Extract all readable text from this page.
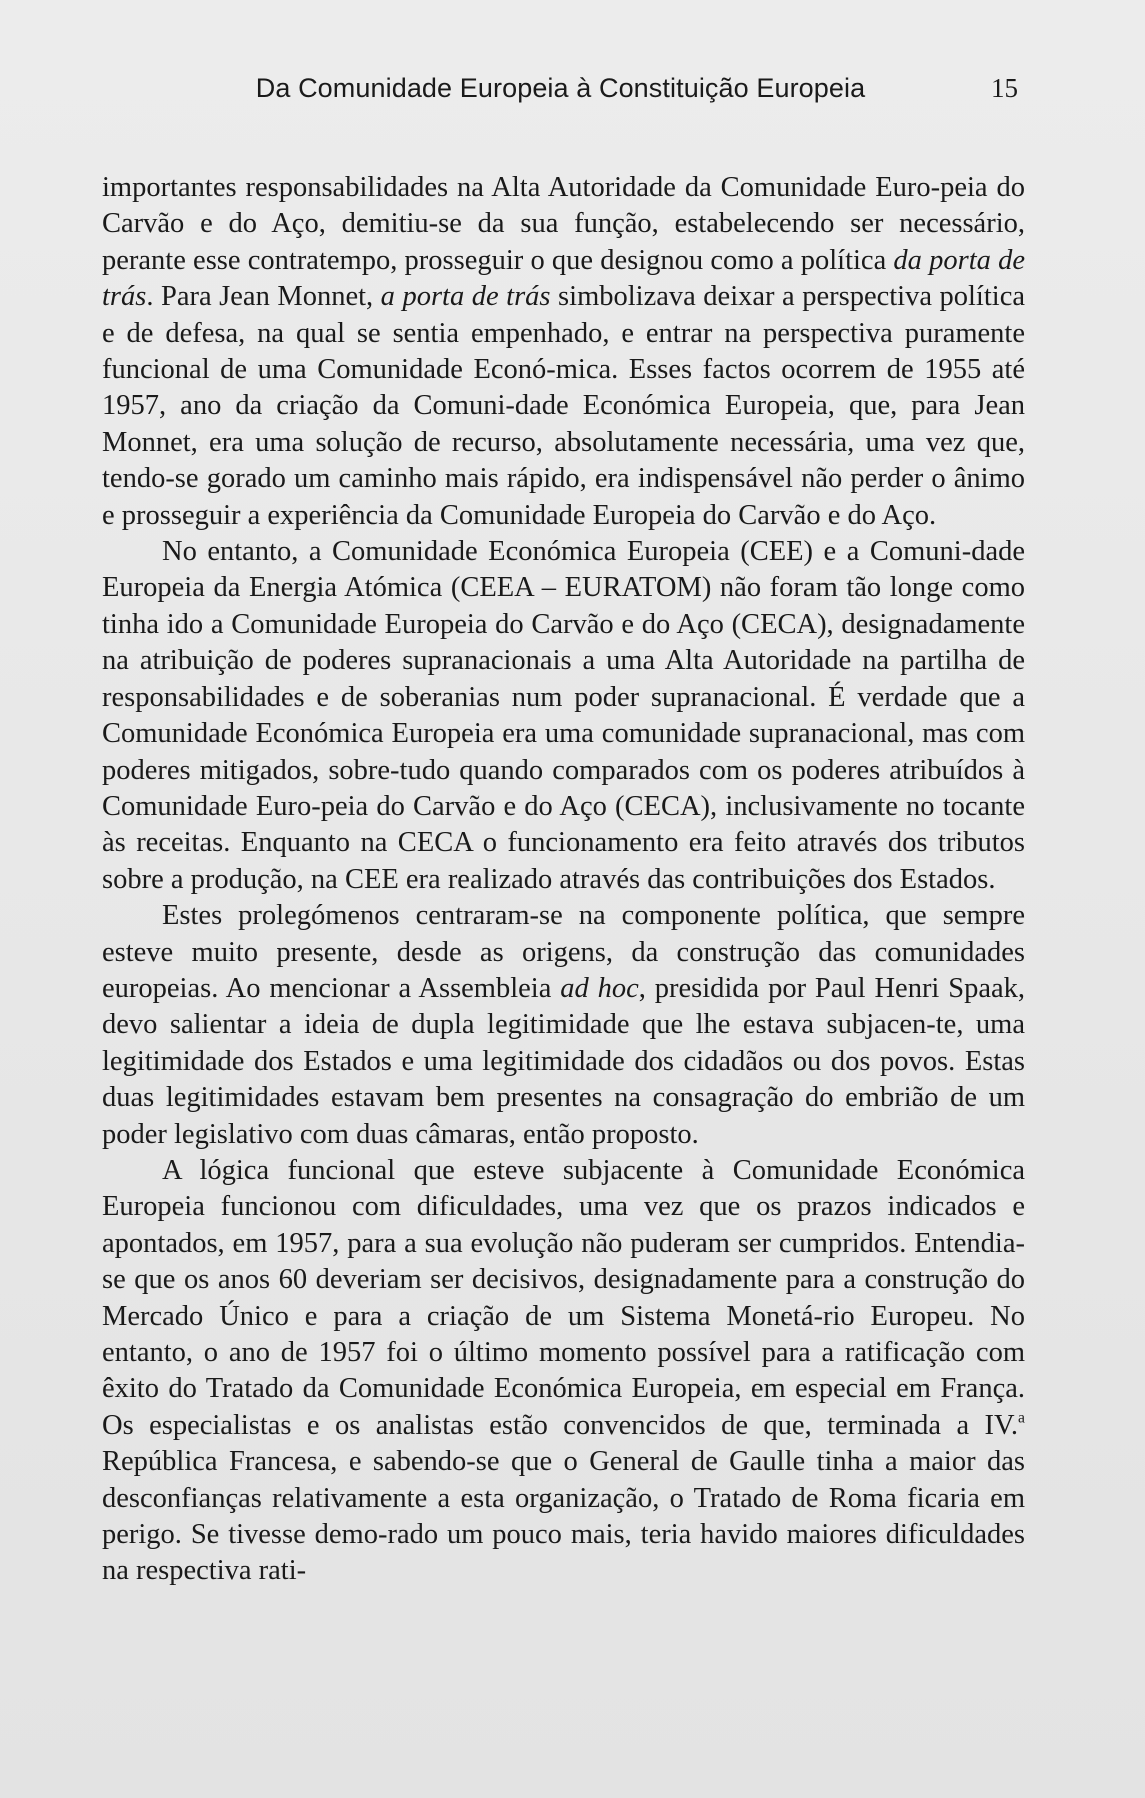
Da Comunidade Europeia à Constituição Europeia	15

importantes responsabilidades na Alta Autoridade da Comunidade Euro-peia do Carvão e do Aço, demitiu-se da sua função, estabelecendo ser necessário, perante esse contratempo, prosseguir o que designou como a política da porta de trás. Para Jean Monnet, a porta de trás simbolizava deixar a perspectiva política e de defesa, na qual se sentia empenhado, e entrar na perspectiva puramente funcional de uma Comunidade Econó-mica. Esses factos ocorrem de 1955 até 1957, ano da criação da Comuni-dade Económica Europeia, que, para Jean Monnet, era uma solução de recurso, absolutamente necessária, uma vez que, tendo-se gorado um caminho mais rápido, era indispensável não perder o ânimo e prosseguir a experiência da Comunidade Europeia do Carvão e do Aço.

No entanto, a Comunidade Económica Europeia (CEE) e a Comuni-dade Europeia da Energia Atómica (CEEA – EURATOM) não foram tão longe como tinha ido a Comunidade Europeia do Carvão e do Aço (CECA), designadamente na atribuição de poderes supranacionais a uma Alta Autoridade na partilha de responsabilidades e de soberanias num poder supranacional. É verdade que a Comunidade Económica Europeia era uma comunidade supranacional, mas com poderes mitigados, sobre-tudo quando comparados com os poderes atribuídos à Comunidade Euro-peia do Carvão e do Aço (CECA), inclusivamente no tocante às receitas. Enquanto na CECA o funcionamento era feito através dos tributos sobre a produção, na CEE era realizado através das contribuições dos Estados.

Estes prolegómenos centraram-se na componente política, que sempre esteve muito presente, desde as origens, da construção das comunidades europeias. Ao mencionar a Assembleia ad hoc, presidida por Paul Henri Spaak, devo salientar a ideia de dupla legitimidade que lhe estava subjacen-te, uma legitimidade dos Estados e uma legitimidade dos cidadãos ou dos povos. Estas duas legitimidades estavam bem presentes na consagração do embrião de um poder legislativo com duas câmaras, então proposto.

A lógica funcional que esteve subjacente à Comunidade Económica Europeia funcionou com dificuldades, uma vez que os prazos indicados e apontados, em 1957, para a sua evolução não puderam ser cumpridos. Entendia-se que os anos 60 deveriam ser decisivos, designadamente para a construção do Mercado Único e para a criação de um Sistema Monetá-rio Europeu. No entanto, o ano de 1957 foi o último momento possível para a ratificação com êxito do Tratado da Comunidade Económica Europeia, em especial em França. Os especialistas e os analistas estão convencidos de que, terminada a IV.$^a$ República Francesa, e sabendo-se que o General de Gaulle tinha a maior das desconfianças relativamente a esta organização, o Tratado de Roma ficaria em perigo. Se tivesse demo-rado um pouco mais, teria havido maiores dificuldades na respectiva rati-
